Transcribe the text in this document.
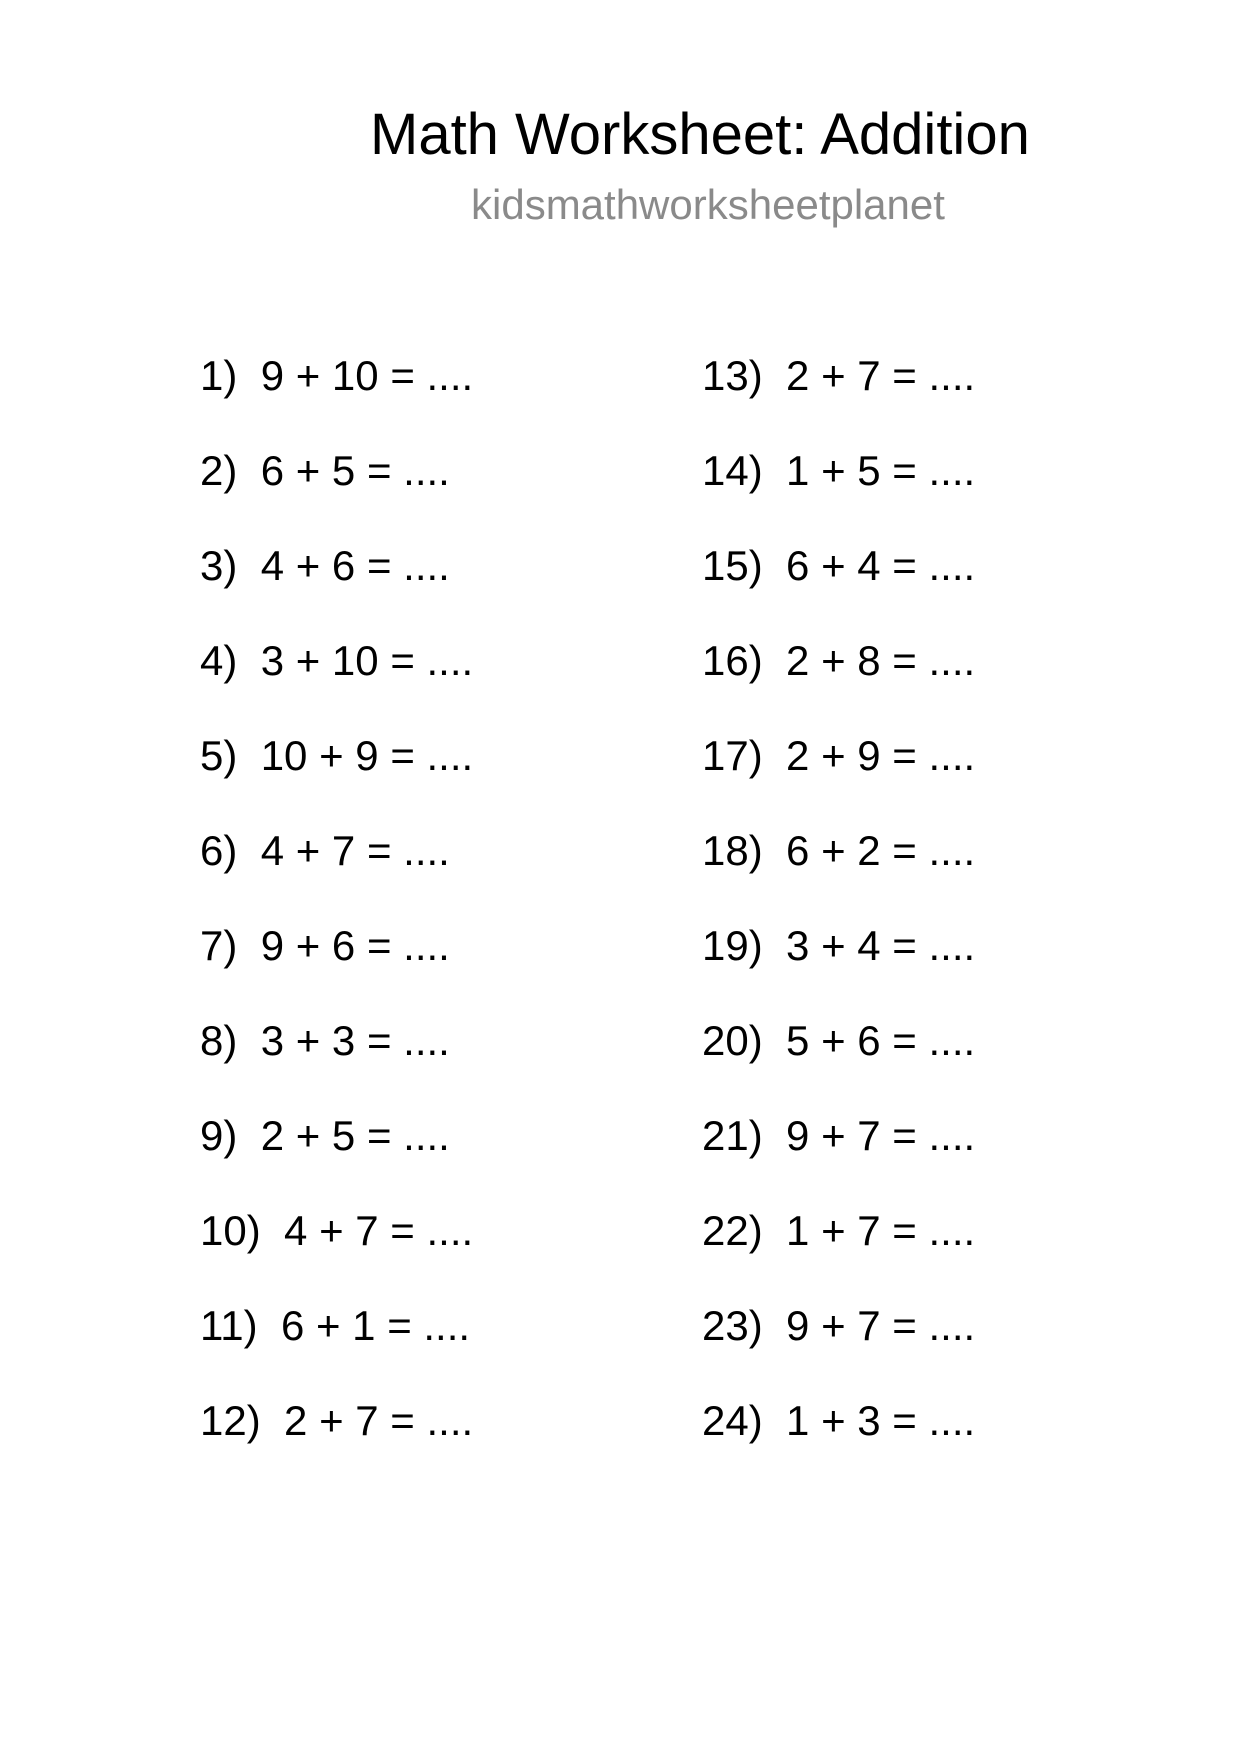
Math Worksheet: Addition
kidsmathworksheetplanet
1) 9 + 10 = ....
2) 6 + 5 = ....
3) 4 + 6 = ....
4) 3 + 10 = ....
5) 10 + 9 = ....
6) 4 + 7 = ....
7) 9 + 6 = ....
8) 3 + 3 = ....
9) 2 + 5 = ....
10) 4 + 7 = ....
11) 6 + 1 = ....
12) 2 + 7 = ....
13) 2 + 7 = ....
14) 1 + 5 = ....
15) 6 + 4 = ....
16) 2 + 8 = ....
17) 2 + 9 = ....
18) 6 + 2 = ....
19) 3 + 4 = ....
20) 5 + 6 = ....
21) 9 + 7 = ....
22) 1 + 7 = ....
23) 9 + 7 = ....
24) 1 + 3 = ....
